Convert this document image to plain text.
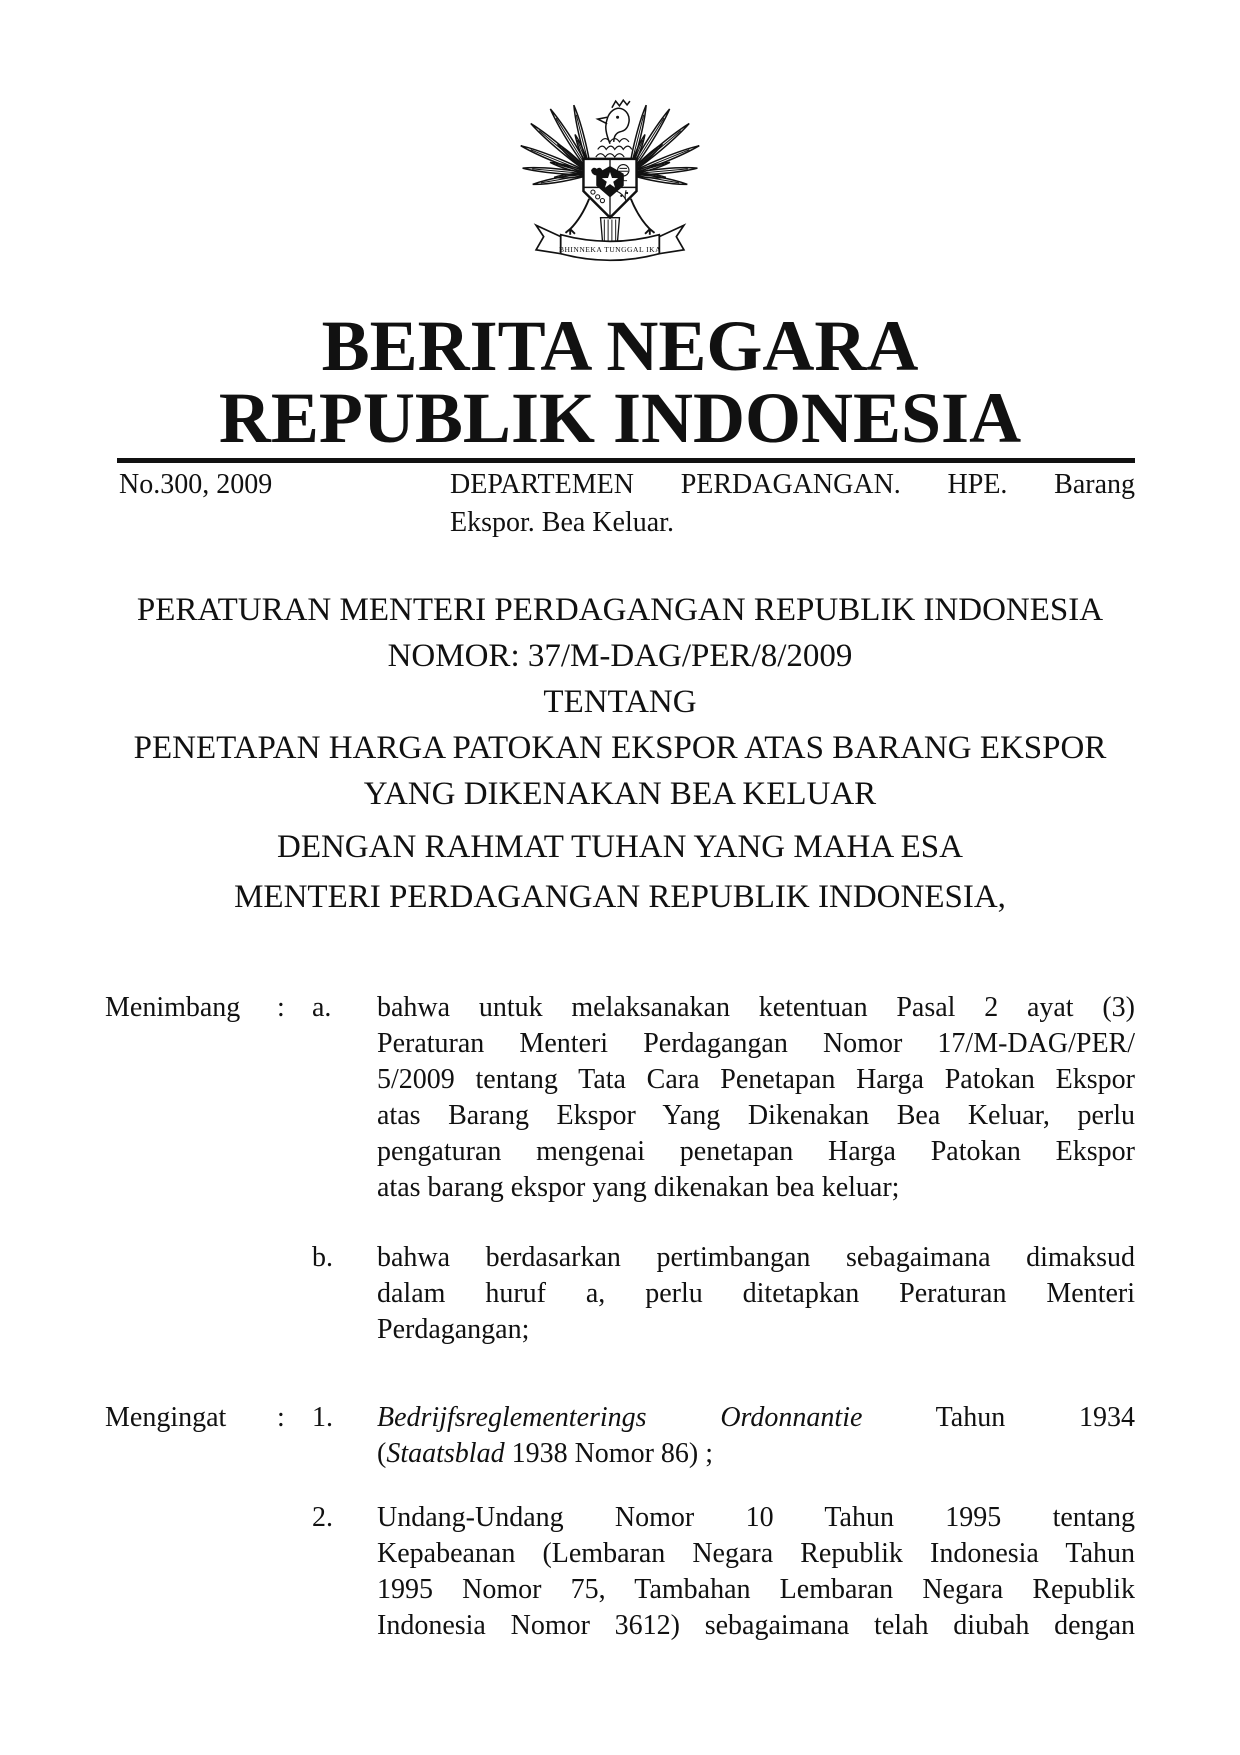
BHINNEKA TUNGGAL IKA
BERITA NEGARA
REPUBLIK INDONESIA
No.300, 2009	DEPARTEMEN PERDAGANGAN. HPE. Barang
Ekspor. Bea Keluar.
PERATURAN MENTERI PERDAGANGAN REPUBLIK INDONESIA
NOMOR: 37/M-DAG/PER/8/2009
TENTANG
PENETAPAN HARGA PATOKAN EKSPOR ATAS BARANG EKSPOR
YANG DIKENAKAN BEA KELUAR
DENGAN RAHMAT TUHAN YANG MAHA ESA
MENTERI PERDAGANGAN REPUBLIK INDONESIA,
Menimbang	: a.	bahwa untuk melaksanakan ketentuan Pasal 2 ayat (3)
Peraturan Menteri Perdagangan Nomor 17/M-DAG/PER/
5/2009 tentang Tata Cara Penetapan Harga Patokan Ekspor
atas Barang Ekspor Yang Dikenakan Bea Keluar, perlu
pengaturan mengenai penetapan Harga Patokan Ekspor
atas barang ekspor yang dikenakan bea keluar;
b.	bahwa berdasarkan pertimbangan sebagaimana dimaksud
dalam huruf a, perlu ditetapkan Peraturan Menteri
Perdagangan;
Mengingat	: 1.	Bedrijfsreglementerings Ordonnantie	Tahun 1934
(Staatsblad 1938 Nomor 86) ;
2.	Undang-Undang Nomor 10 Tahun 1995 tentang
Kepabeanan (Lembaran Negara Republik Indonesia Tahun
1995 Nomor 75, Tambahan Lembaran Negara Republik
Indonesia Nomor 3612) sebagaimana telah diubah dengan
